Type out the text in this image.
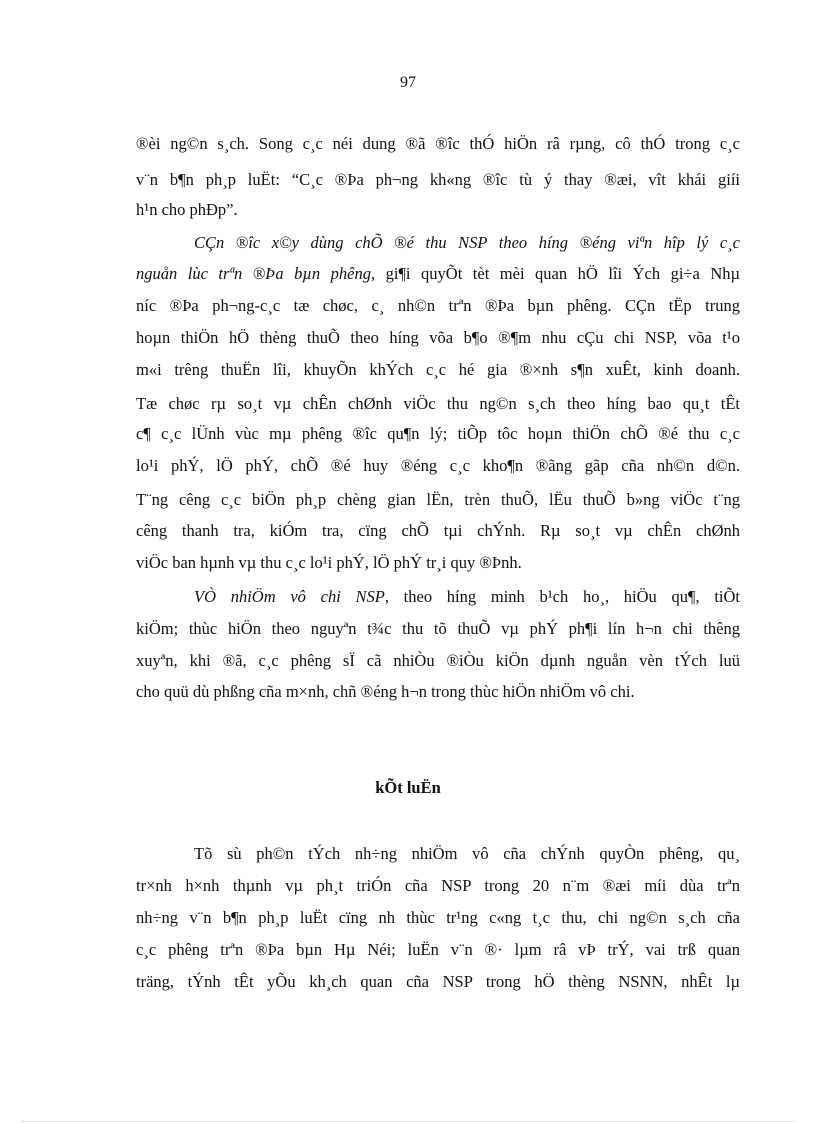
97
®èi ng©n s¸ch. Song c¸c néi dung ®ã ®îc thÓ hiÖn râ rµng, cô thÓ trong c¸c
v¨n b¶n ph¸p luËt: “C¸c ®Þa ph¬ng kh«ng ®îc tù ý thay ®æi, vît khái giíi
h¹n cho phÐp”.
CÇn ®îc x©y dùng chÕ ®é thu NSP theo híng ®éng viªn hîp lý c¸c
nguån lùc trªn ®Þa bµn phêng, gi¶i quyÕt tèt mèi quan hÖ lîi Ých gi÷a Nhµ
níc ®Þa ph¬ng-c¸c tæ chøc, c¸ nh©n trªn ®Þa bµn phêng. CÇn tËp trung
hoµn thiÖn hÖ thèng thuÕ theo híng võa b¶o ®¶m nhu cÇu chi NSP, võa t¹o
m«i trêng thuËn lîi, khuyÕn khÝch c¸c hé gia ®×nh s¶n xuÊt, kinh doanh.
Tæ chøc rµ so¸t vµ chÊn chØnh viÖc thu ng©n s¸ch theo híng bao qu¸t tÊt
c¶ c¸c lÜnh vùc mµ phêng ®îc qu¶n lý; tiÕp tôc hoµn thiÖn chÕ ®é thu c¸c
lo¹i phÝ, lÖ phÝ, chÕ ®é huy ®éng c¸c kho¶n ®ãng gãp cña nh©n d©n.
T¨ng cêng c¸c biÖn ph¸p chèng gian lËn, trèn thuÕ, lËu thuÕ b»ng viÖc t¨ng
cêng thanh tra, kiÓm tra, cïng chÕ tµi chÝnh. Rµ so¸t vµ chÊn chØnh
viÖc ban hµnh vµ thu c¸c lo¹i phÝ, lÖ phÝ tr¸i quy ®Þnh.
VÒ nhiÖm vô chi NSP, theo híng minh b¹ch ho¸, hiÖu qu¶, tiÕt
kiÖm; thùc hiÖn theo nguyªn t¾c thu tõ thuÕ vµ phÝ ph¶i lín h¬n chi thêng
xuyªn, khi ®ã, c¸c phêng sÏ cã nhiÒu ®iÒu kiÖn dµnh nguån vèn tÝch luü
cho quü dù phßng cña m×nh, chñ ®éng h¬n trong thùc hiÖn nhiÖm vô chi.
kÕt luËn
Tõ sù ph©n tÝch nh÷ng nhiÖm vô cña chÝnh quyÒn phêng, qu¸
tr×nh h×nh thµnh vµ ph¸t triÓn cña NSP trong 20 n¨m ®æi míi dùa trªn
nh÷ng v¨n b¶n ph¸p luËt cïng nh thùc tr¹ng c«ng t¸c thu, chi ng©n s¸ch cña
c¸c phêng trªn ®Þa bµn Hµ Néi; luËn v¨n ®· lµm râ vÞ trÝ, vai trß quan
träng, tÝnh tÊt yÕu kh¸ch quan cña NSP trong hÖ thèng NSNN, nhÊt lµ
